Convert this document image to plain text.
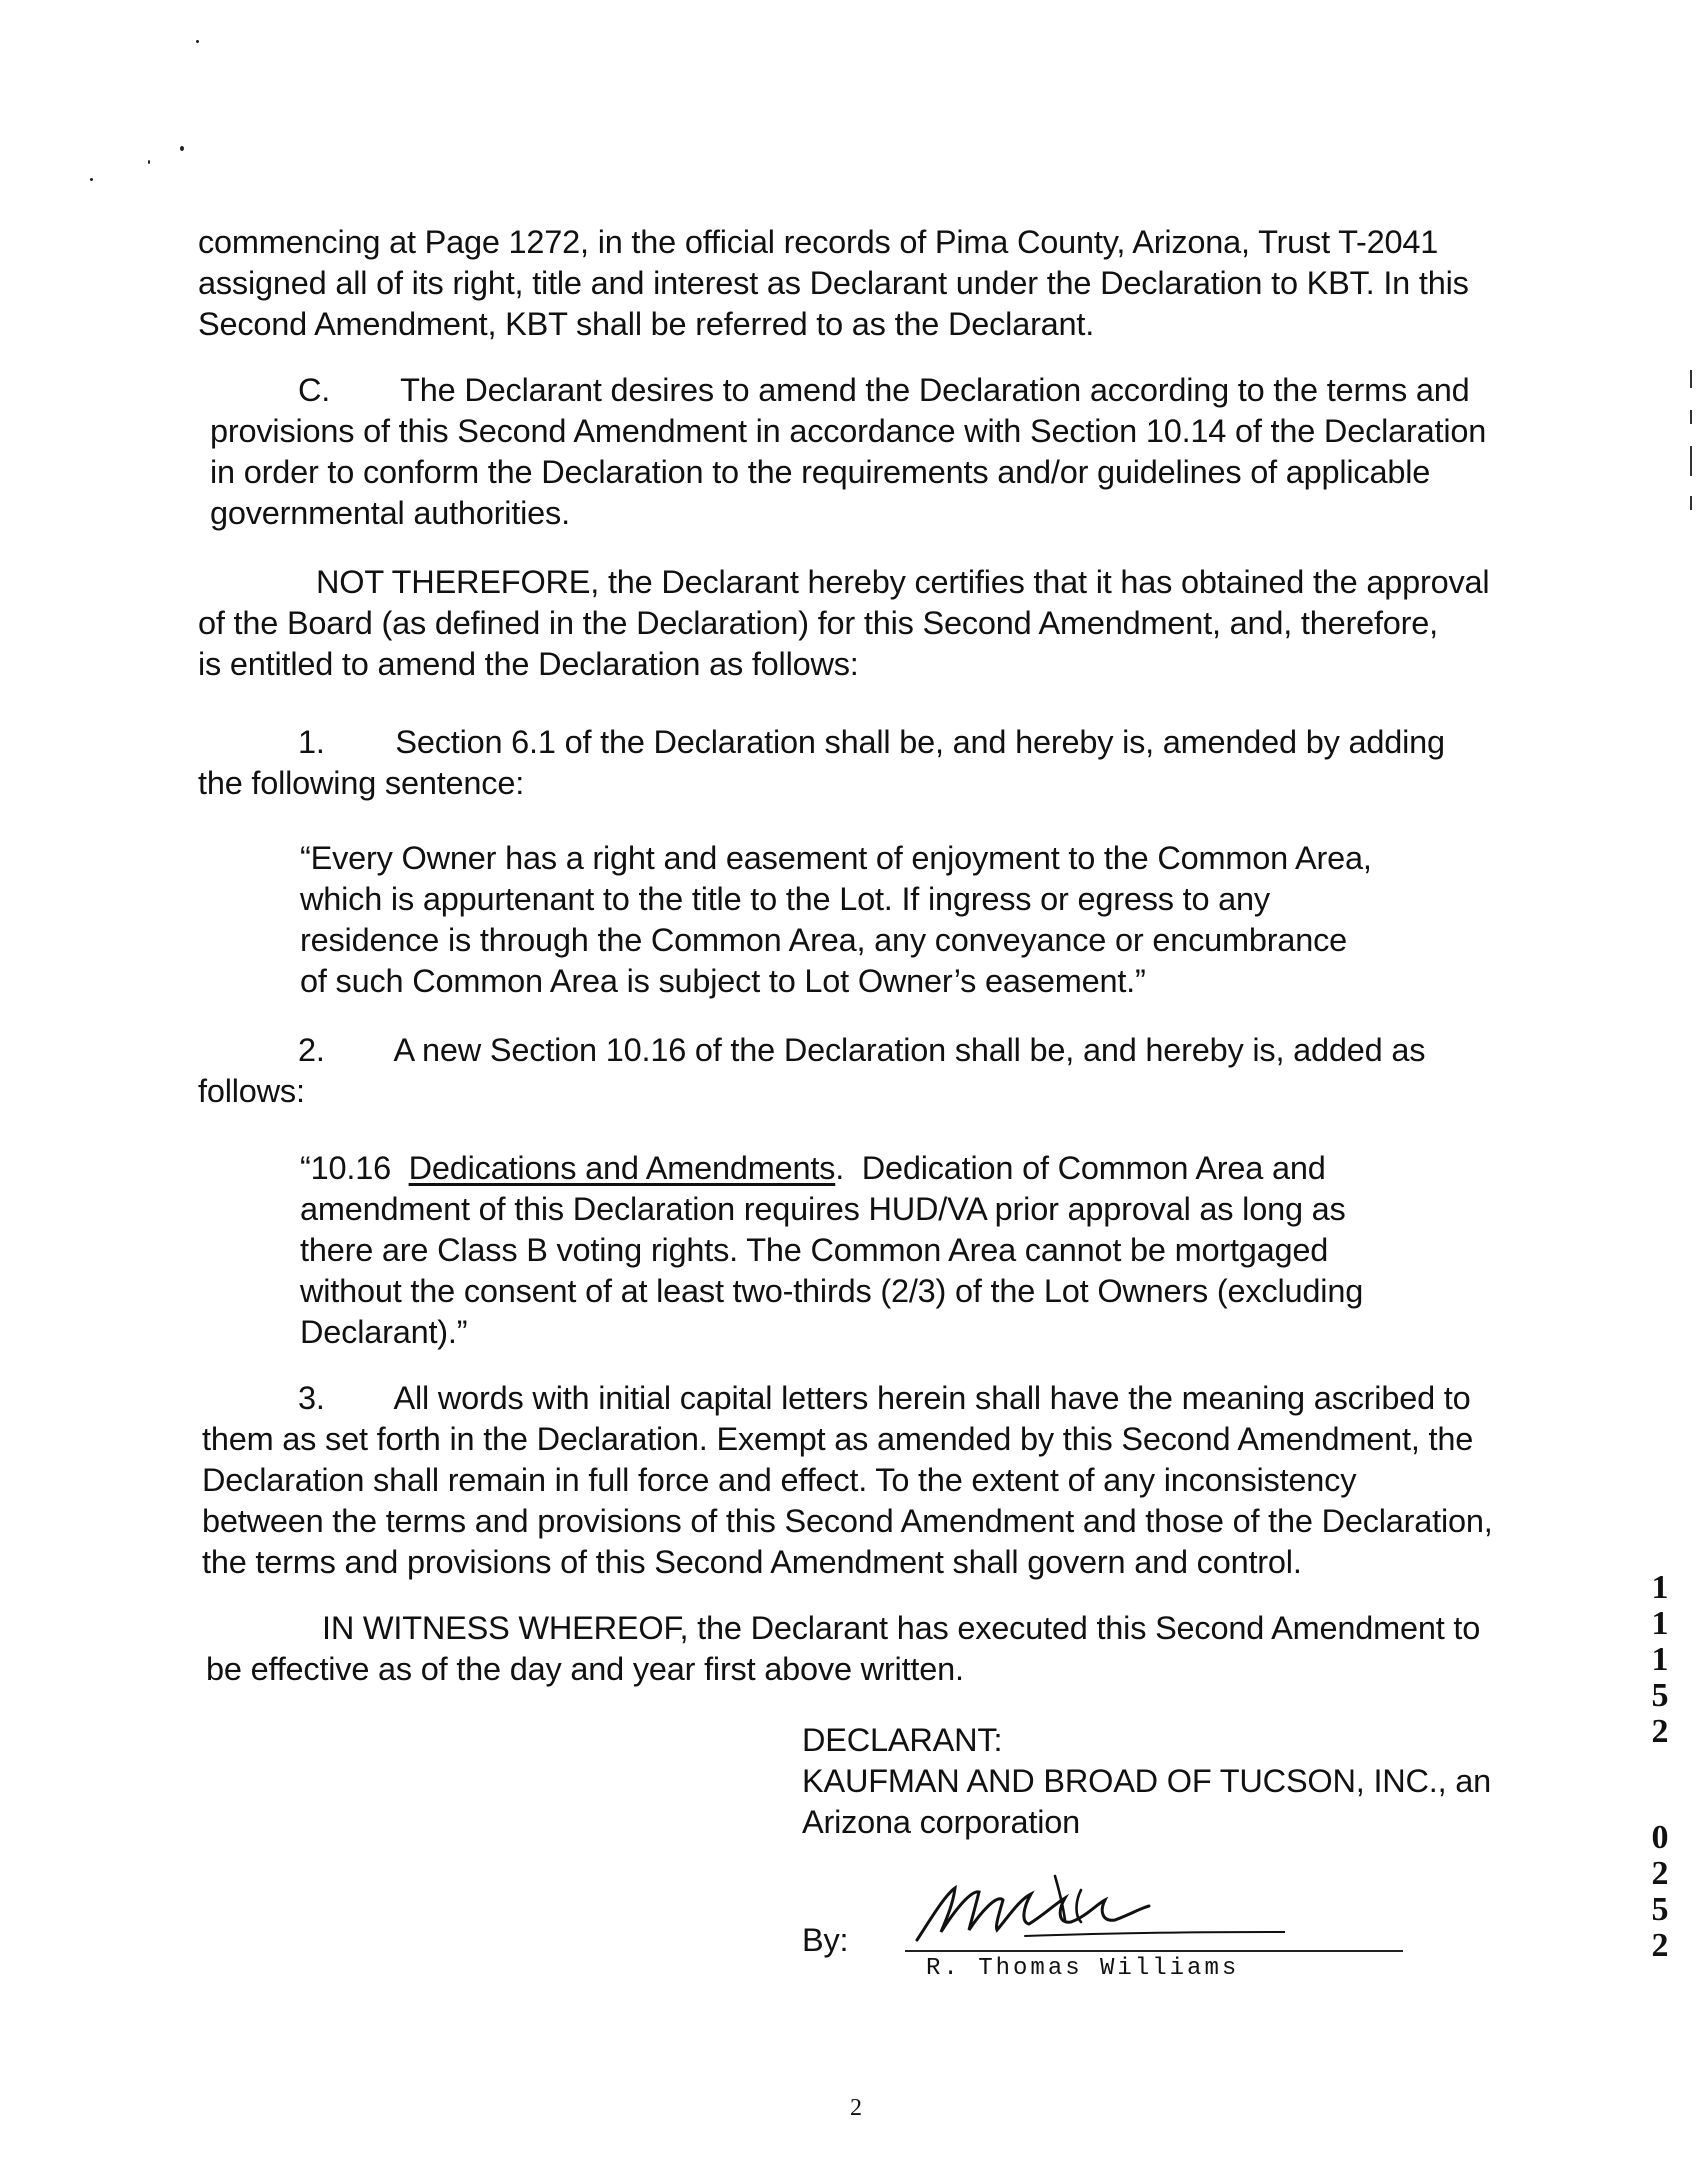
commencing at Page 1272, in the official records of Pima County, Arizona, Trust T-2041
assigned all of its right, title and interest as Declarant under the Declaration to KBT. In this
Second Amendment, KBT shall be referred to as the Declarant.
C.        The Declarant desires to amend the Declaration according to the terms and
provisions of this Second Amendment in accordance with Section 10.14 of the Declaration
in order to conform the Declaration to the requirements and/or guidelines of applicable
governmental authorities.
NOT THEREFORE, the Declarant hereby certifies that it has obtained the approval
of the Board (as defined in the Declaration) for this Second Amendment, and, therefore,
is entitled to amend the Declaration as follows:
1.        Section 6.1 of the Declaration shall be, and hereby is, amended by adding
the following sentence:
“Every Owner has a right and easement of enjoyment to the Common Area,
which is appurtenant to the title to the Lot. If ingress or egress to any
residence is through the Common Area, any conveyance or encumbrance
of such Common Area is subject to Lot Owner’s easement.”
2.        A new Section 10.16 of the Declaration shall be, and hereby is, added as
follows:
“10.16  Dedications and Amendments.  Dedication of Common Area and
amendment of this Declaration requires HUD/VA prior approval as long as
there are Class B voting rights. The Common Area cannot be mortgaged
without the consent of at least two-thirds (2/3) of the Lot Owners (excluding
Declarant).”
3.        All words with initial capital letters herein shall have the meaning ascribed to
them as set forth in the Declaration. Exempt as amended by this Second Amendment, the
Declaration shall remain in full force and effect. To the extent of any inconsistency
between the terms and provisions of this Second Amendment and those of the Declaration,
the terms and provisions of this Second Amendment shall govern and control.
IN WITNESS WHEREOF, the Declarant has executed this Second Amendment to
be effective as of the day and year first above written.
DECLARANT:
KAUFMAN AND BROAD OF TUCSON, INC., an
Arizona corporation
By:
R. Thomas Williams
2
1
1
1
5
2
0
2
5
2
